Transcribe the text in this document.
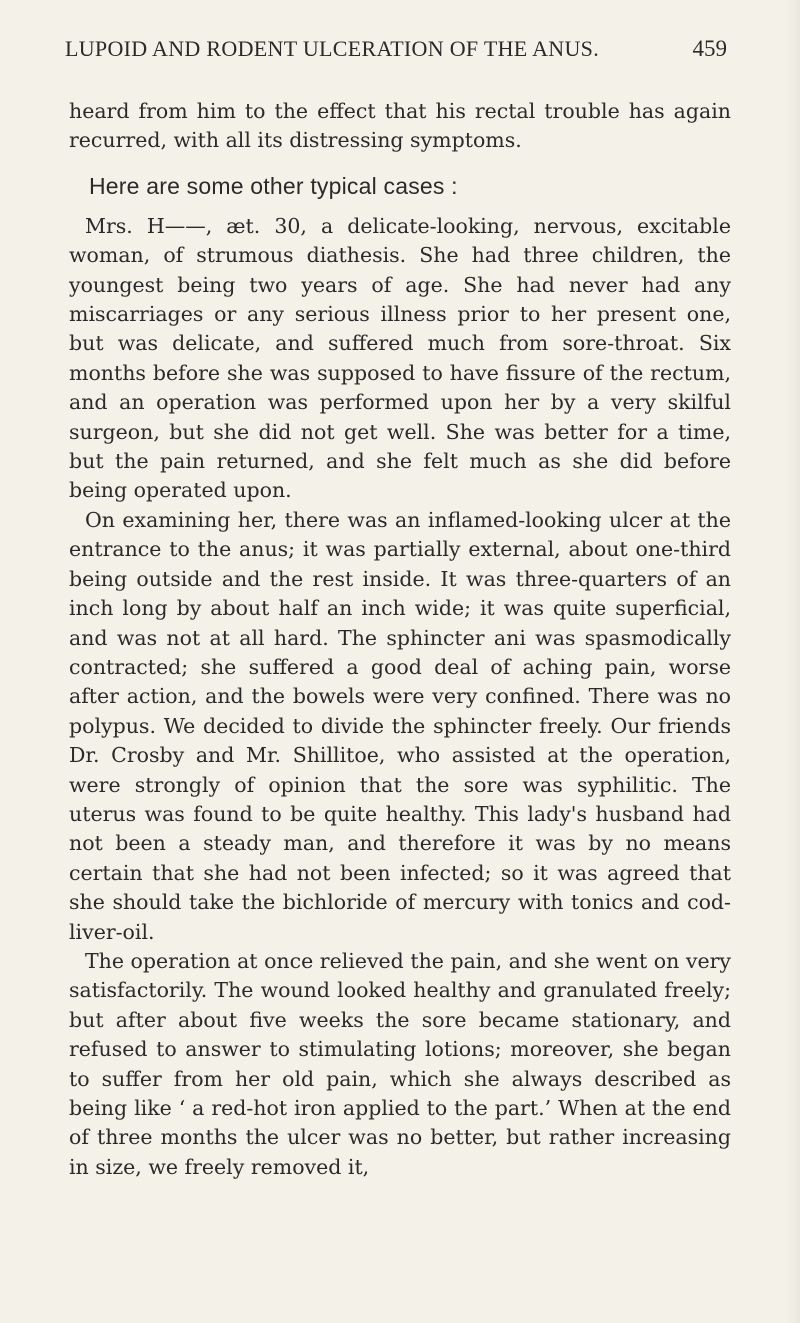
LUPOID AND RODENT ULCERATION OF THE ANUS.	459

heard from him to the effect that his rectal trouble has again recurred, with all its distressing symptoms.

Here are some other typical cases :

Mrs. H——, æt. 30, a delicate-looking, nervous, excitable woman, of strumous diathesis. She had three children, the youngest being two years of age. She had never had any miscarriages or any serious illness prior to her present one, but was delicate, and suffered much from sore-throat. Six months before she was supposed to have fissure of the rectum, and an operation was performed upon her by a very skilful surgeon, but she did not get well. She was better for a time, but the pain returned, and she felt much as she did before being operated upon.

On examining her, there was an inflamed-looking ulcer at the entrance to the anus; it was partially external, about one-third being outside and the rest inside. It was three-quarters of an inch long by about half an inch wide; it was quite superficial, and was not at all hard. The sphincter ani was spasmodically contracted; she suffered a good deal of aching pain, worse after action, and the bowels were very confined. There was no polypus. We decided to divide the sphincter freely. Our friends Dr. Crosby and Mr. Shillitoe, who assisted at the operation, were strongly of opinion that the sore was syphilitic. The uterus was found to be quite healthy. This lady's husband had not been a steady man, and therefore it was by no means certain that she had not been infected; so it was agreed that she should take the bichloride of mercury with tonics and cod-liver-oil.

The operation at once relieved the pain, and she went on very satisfactorily. The wound looked healthy and granulated freely; but after about five weeks the sore became stationary, and refused to answer to stimulating lotions; moreover, she began to suffer from her old pain, which she always described as being like ‘ a red-hot iron applied to the part.’ When at the end of three months the ulcer was no better, but rather increasing in size, we freely removed it,
